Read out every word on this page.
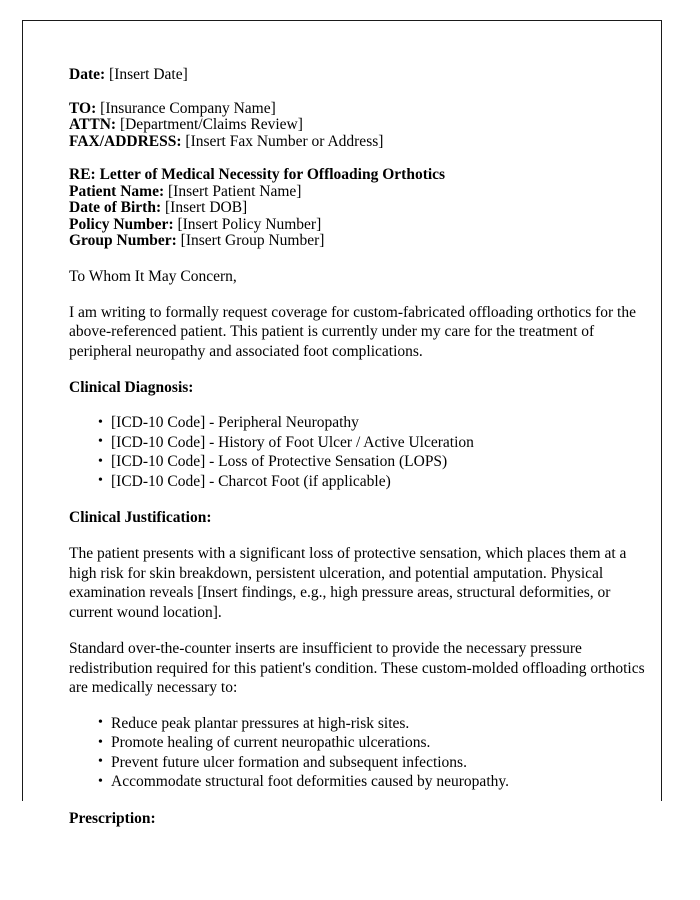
Date: [Insert Date]
TO: [Insurance Company Name]
ATTN: [Department/Claims Review]
FAX/ADDRESS: [Insert Fax Number or Address]
RE: Letter of Medical Necessity for Offloading Orthotics
Patient Name: [Insert Patient Name]
Date of Birth: [Insert DOB]
Policy Number: [Insert Policy Number]
Group Number: [Insert Group Number]

To Whom It May Concern,

I am writing to formally request coverage for custom-fabricated offloading orthotics for the above-referenced patient. This patient is currently under my care for the treatment of peripheral neuropathy and associated foot complications.

Clinical Diagnosis:

• [ICD-10 Code] - Peripheral Neuropathy
• [ICD-10 Code] - History of Foot Ulcer / Active Ulceration
• [ICD-10 Code] - Loss of Protective Sensation (LOPS)
• [ICD-10 Code] - Charcot Foot (if applicable)

Clinical Justification:

The patient presents with a significant loss of protective sensation, which places them at a high risk for skin breakdown, persistent ulceration, and potential amputation. Physical examination reveals [Insert findings, e.g., high pressure areas, structural deformities, or current wound location].

Standard over-the-counter inserts are insufficient to provide the necessary pressure redistribution required for this patient's condition. These custom-molded offloading orthotics are medically necessary to:

• Reduce peak plantar pressures at high-risk sites.
• Promote healing of current neuropathic ulcerations.
• Prevent future ulcer formation and subsequent infections.
• Accommodate structural foot deformities caused by neuropathy.

Prescription:
